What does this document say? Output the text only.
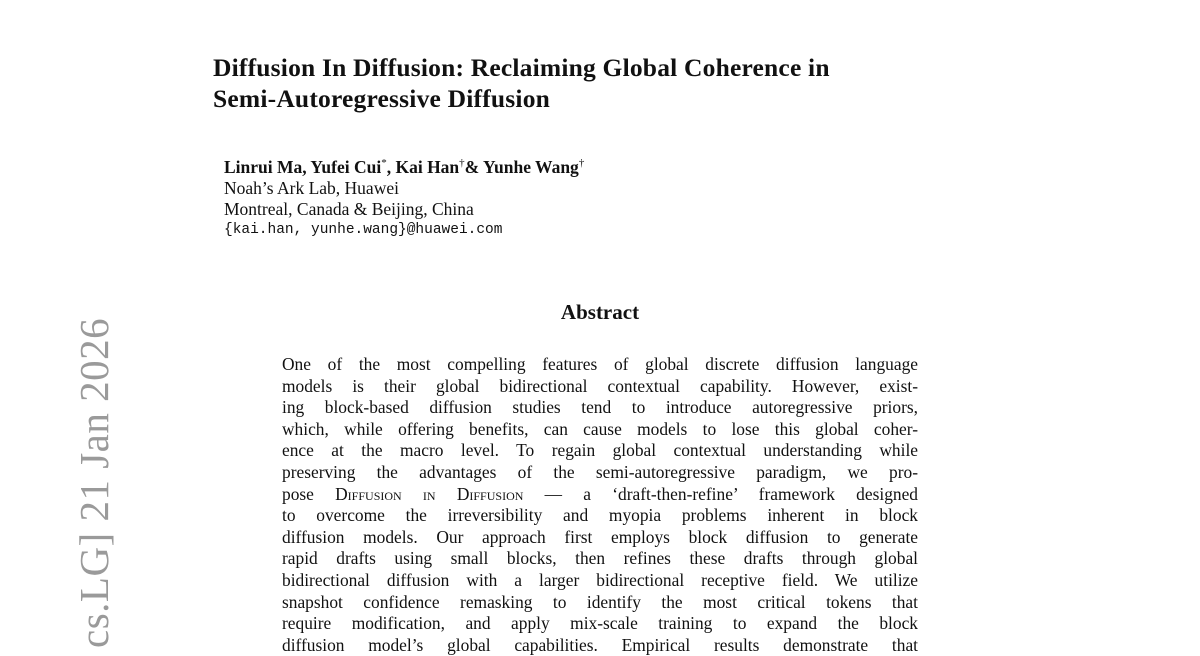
cs.LG] 21 Jan 2026
Diffusion In Diffusion: Reclaiming Global Coherence in
Semi-Autoregressive Diffusion
Linrui Ma, Yufei Cui*, Kai Han†& Yunhe Wang†
Noah’s Ark Lab, Huawei
Montreal, Canada & Beijing, China
{kai.han, yunhe.wang}@huawei.com
Abstract
One of the most compelling features of global discrete diffusion language
models is their global bidirectional contextual capability. However, exist-
ing block-based diffusion studies tend to introduce autoregressive priors,
which, while offering benefits, can cause models to lose this global coher-
ence at the macro level. To regain global contextual understanding while
preserving the advantages of the semi-autoregressive paradigm, we pro-
pose Diffusion in Diffusion — a ‘draft-then-refine’ framework designed
to overcome the irreversibility and myopia problems inherent in block
diffusion models. Our approach first employs block diffusion to generate
rapid drafts using small blocks, then refines these drafts through global
bidirectional diffusion with a larger bidirectional receptive field. We utilize
snapshot confidence remasking to identify the most critical tokens that
require modification, and apply mix-scale training to expand the block
diffusion model’s global capabilities. Empirical results demonstrate that
